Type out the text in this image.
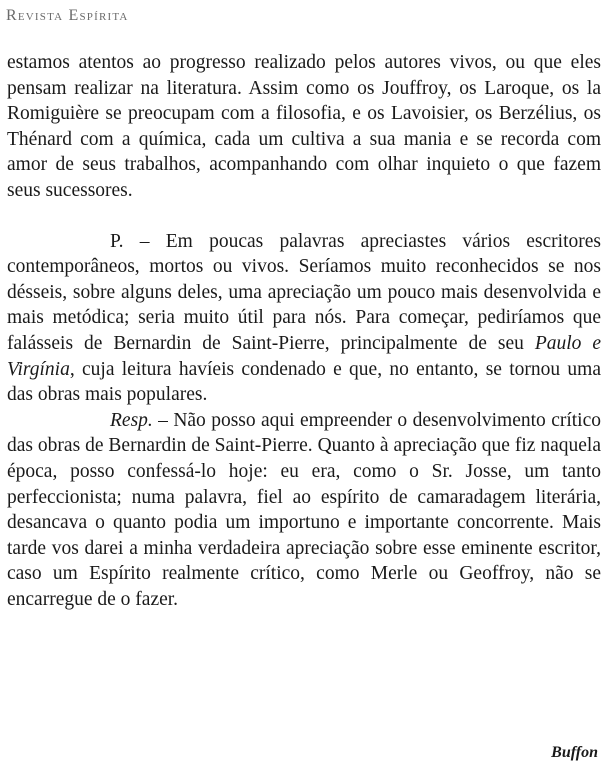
Revista Espírita

estamos atentos ao progresso realizado pelos autores vivos, ou que eles pensam realizar na literatura. Assim como os Jouffroy, os Laroque, os la Romiguière se preocupam com a filosofia, e os Lavoisier, os Berzélius, os Thénard com a química, cada um cultiva a sua mania e se recorda com amor de seus trabalhos, acompanhando com olhar inquieto o que fazem seus sucessores.

P. – Em poucas palavras apreciastes vários escritores contemporâneos, mortos ou vivos. Seríamos muito reconhecidos se nos désseis, sobre alguns deles, uma apreciação um pouco mais desenvolvida e mais metódica; seria muito útil para nós. Para começar, pediríamos que falásseis de Bernardin de Saint-Pierre, principalmente de seu Paulo e Virgínia, cuja leitura havíeis condenado e que, no entanto, se tornou uma das obras mais populares.

Resp. – Não posso aqui empreender o desenvolvimento crítico das obras de Bernardin de Saint-Pierre. Quanto à apreciação que fiz naquela época, posso confessá-lo hoje: eu era, como o Sr. Josse, um tanto perfeccionista; numa palavra, fiel ao espírito de camaradagem literária, desancava o quanto podia um importuno e importante concorrente. Mais tarde vos darei a minha verdadeira apreciação sobre esse eminente escritor, caso um Espírito realmente crítico, como Merle ou Geoffroy, não se encarregue de o fazer.

Buffon
